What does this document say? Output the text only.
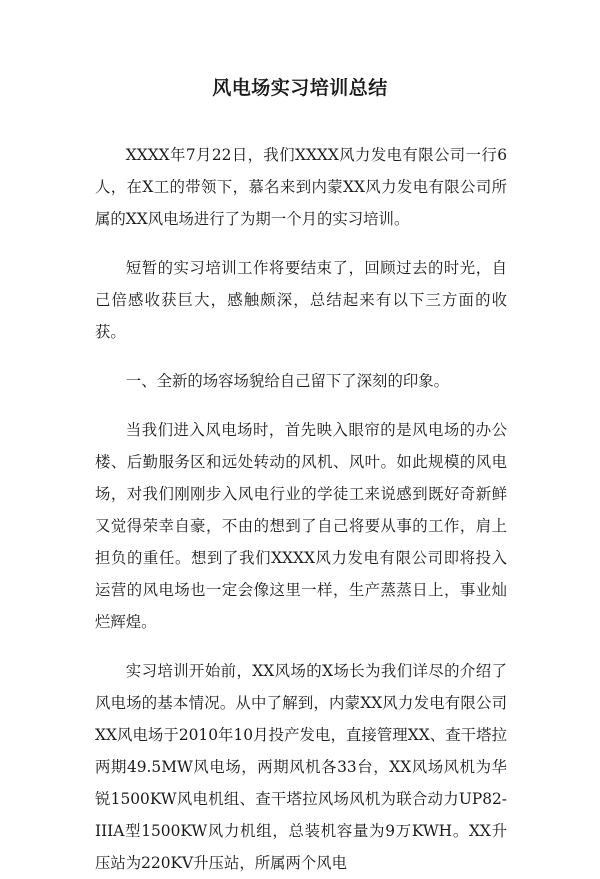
风电场实习培训总结

XXXX年7月22日，我们XXXX风力发电有限公司一行6人，在X工的带领下，慕名来到内蒙XX风力发电有限公司所属的XX风电场进行了为期一个月的实习培训。

短暂的实习培训工作将要结束了，回顾过去的时光，自己倍感收获巨大，感触颇深，总结起来有以下三方面的收获。

一、全新的场容场貌给自己留下了深刻的印象。

当我们进入风电场时，首先映入眼帘的是风电场的办公楼、后勤服务区和远处转动的风机、风叶。如此规模的风电场，对我们刚刚步入风电行业的学徒工来说感到既好奇新鲜又觉得荣幸自豪，不由的想到了自己将要从事的工作，肩上担负的重任。想到了我们XXXX风力发电有限公司即将投入运营的风电场也一定会像这里一样，生产蒸蒸日上，事业灿烂辉煌。

实习培训开始前，XX风场的X场长为我们详尽的介绍了风电场的基本情况。从中了解到，内蒙XX风力发电有限公司XX风电场于2010年10月投产发电，直接管理XX、查干塔拉两期49.5MW风电场，两期风机各33台，XX风场风机为华锐1500KW风电机组、查干塔拉风场风机为联合动力UP82-IIIA型1500KW风力机组，总装机容量为9万KWH。XX升压站为220KV升压站，所属两个风电
